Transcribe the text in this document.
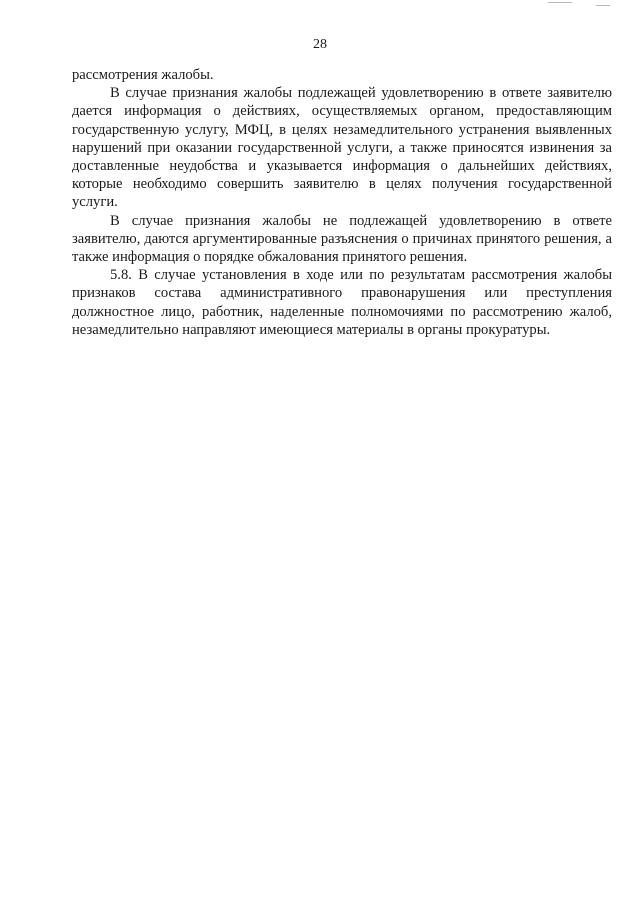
28

рассмотрения жалобы.

В случае признания жалобы подлежащей удовлетворению в ответе заявителю дается информация о действиях, осуществляемых органом, предоставляющим государственную услугу, МФЦ, в целях незамедлительного устранения выявленных нарушений при оказании государственной услуги, а также приносятся извинения за доставленные неудобства и указывается информация о дальнейших действиях, которые необходимо совершить заявителю в целях получения государственной услуги.

В случае признания жалобы не подлежащей удовлетворению в ответе заявителю, даются аргументированные разъяснения о причинах принятого решения, а также информация о порядке обжалования принятого решения.

5.8. В случае установления в ходе или по результатам рассмотрения жалобы признаков состава административного правонарушения или преступления должностное лицо, работник, наделенные полномочиями по рассмотрению жалоб, незамедлительно направляют имеющиеся материалы в органы прокуратуры.
